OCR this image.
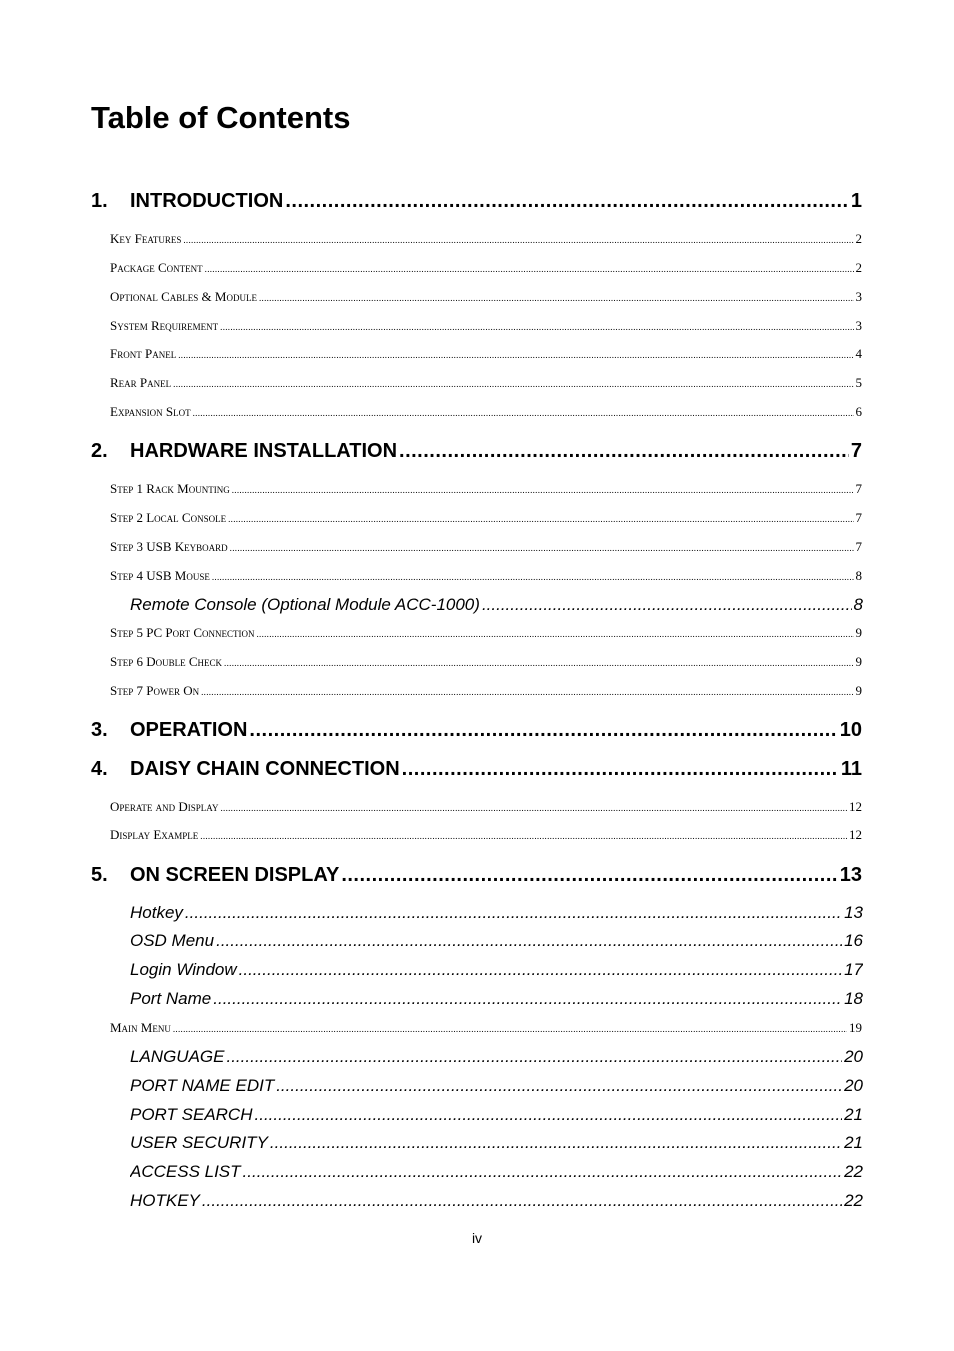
Table of Contents
1.	INTRODUCTION .....	1
Key Features .....	2
Package Content .....	2
Optional Cables & Module .....	3
System Requirement .....	3
Front Panel .....	4
Rear Panel .....	5
Expansion Slot .....	6
2.	HARDWARE INSTALLATION .....	7
Step 1 Rack Mounting .....	7
Step 2 Local Console .....	7
Step 3 USB Keyboard .....	7
Step 4 USB Mouse .....	8
Remote Console (Optional Module ACC-1000) .....	8
Step 5 PC Port Connection .....	9
Step 6 Double Check .....	9
Step 7 Power On .....	9
3.	OPERATION .....	10
4.	DAISY CHAIN CONNECTION .....	11
Operate and Display .....	12
Display Example .....	12
5.	ON SCREEN DISPLAY .....	13
Hotkey .....	13
OSD Menu .....	16
Login Window .....	17
Port Name .....	18
Main Menu .....	19
LANGUAGE .....	20
PORT NAME EDIT .....	20
PORT SEARCH .....	21
USER SECURITY .....	21
ACCESS LIST .....	22
HOTKEY .....	22
iv
